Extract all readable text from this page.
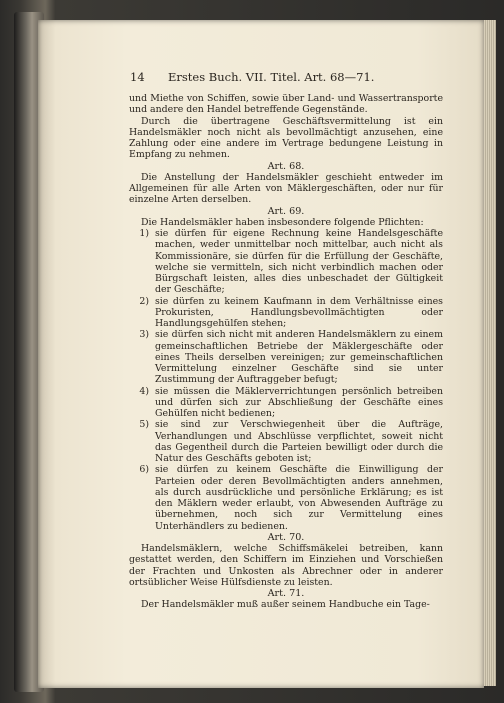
14	Erstes Buch. VII. Titel. Art. 68—71.

und Miethe von Schiffen, sowie über Land- und Wassertransporte und andere den Handel betreffende Gegenstände.

Durch die übertragene Geschäftsvermittelung ist ein Handelsmäkler noch nicht als bevollmächtigt anzusehen, eine Zahlung oder eine andere im Vertrage bedungene Leistung in Empfang zu nehmen.

Art. 68.

Die Anstellung der Handelsmäkler geschieht entweder im Allgemeinen für alle Arten von Mäklergeschäften, oder nur für einzelne Arten derselben.

Art. 69.

Die Handelsmäkler haben insbesondere folgende Pflichten:

1) sie dürfen für eigene Rechnung keine Handelsgeschäfte machen, weder unmittelbar noch mittelbar, auch nicht als Kommissionäre, sie dürfen für die Erfüllung der Geschäfte, welche sie vermitteln, sich nicht verbindlich machen oder Bürgschaft leisten, alles dies unbeschadet der Gültigkeit der Geschäfte;
2) sie dürfen zu keinem Kaufmann in dem Verhältnisse eines Prokuristen, Handlungsbevollmächtigten oder Handlungsgehülfen stehen;
3) sie dürfen sich nicht mit anderen Handelsmäklern zu einem gemeinschaftlichen Betriebe der Mäklergeschäfte oder eines Theils derselben vereinigen; zur gemeinschaftlichen Vermittelung einzelner Geschäfte sind sie unter Zustimmung der Auftraggeber befugt;
4) sie müssen die Mäklerverrichtungen persönlich betreiben und dürfen sich zur Abschließung der Geschäfte eines Gehülfen nicht bedienen;
5) sie sind zur Verschwiegenheit über die Aufträge, Verhandlungen und Abschlüsse verpflichtet, soweit nicht das Gegentheil durch die Parteien bewilligt oder durch die Natur des Geschäfts geboten ist;
6) sie dürfen zu keinem Geschäfte die Einwilligung der Parteien oder deren Bevollmächtigten anders annehmen, als durch ausdrückliche und persönliche Erklärung; es ist den Mäklern weder erlaubt, von Abwesenden Aufträge zu übernehmen, noch sich zur Vermittelung eines Unterhändlers zu bedienen.

Art. 70.

Handelsmäklern, welche Schiffsmäkelei betreiben, kann gestattet werden, den Schiffern im Einziehen und Vorschießen der Frachten und Unkosten als Abrechner oder in anderer ortsüblicher Weise Hülfsdienste zu leisten.

Art. 71.

Der Handelsmäkler muß außer seinem Handbuche ein Tage-
